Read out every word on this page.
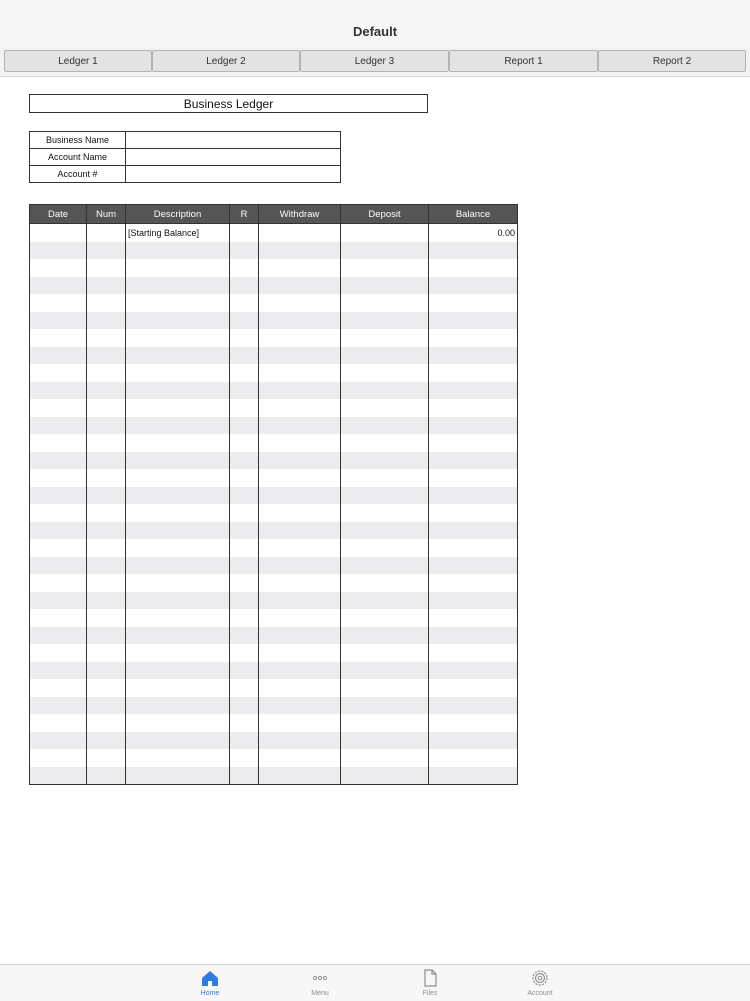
Default
Ledger 1	Ledger 2	Ledger 3	Report 1	Report 2
Business Ledger
Business Name	
Account Name	
Account #	
Date	Num	Description	R	Withdraw	Deposit	Balance
		[Starting Balance]				0.00

Home	Menu	Files	Account
